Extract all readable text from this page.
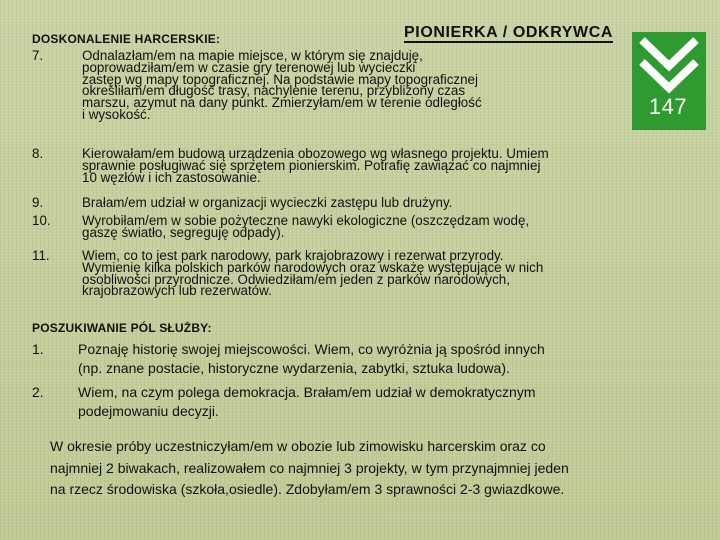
DOSKONALENIE HARCERSKIE:	PIONIERKA / ODKRYWCA
147
7.	Odnalazłam/em na mapie miejsce, w którym się znajduję,
poprowadziłam/em w czasie gry terenowej lub wycieczki
zastęp wg mapy topograficznej. Na podstawie mapy topograficznej
określiłam/em długość trasy, nachylenie terenu, przybliżony czas
marszu, azymut na dany punkt. Zmierzyłam/em w terenie odległość
i wysokość.
8.	Kierowałam/em budową urządzenia obozowego wg własnego projektu. Umiem
sprawnie posługiwać się sprzętem pionierskim. Potrafię zawiązać co najmniej
10 węzłów i ich zastosowanie.
9.	Brałam/em udział w organizacji wycieczki zastępu lub drużyny.
10. Wyrobiłam/em w sobie pożyteczne nawyki ekologiczne (oszczędzam wodę,
gaszę światło, segreguję odpady).
11. Wiem, co to jest park narodowy, park krajobrazowy i rezerwat przyrody.
Wymienię kilka polskich parków narodowych oraz wskażę występujące w nich
osobliwości przyrodnicze. Odwiedziłam/em jeden z parków narodowych,
krajobrazowych lub rezerwatów.
POSZUKIWANIE PÓL SŁUŻBY:
1. Poznaję historię swojej miejscowości. Wiem, co wyróżnia ją spośród innych
(np. znane postacie, historyczne wydarzenia, zabytki, sztuka ludowa).
2. Wiem, na czym polega demokracja. Brałam/em udział w demokratycznym
podejmowaniu decyzji.
W okresie próby uczestniczyłam/em w obozie lub zimowisku harcerskim oraz co
najmniej 2 biwakach, realizowałem co najmniej 3 projekty, w tym przynajmniej jeden
na rzecz środowiska (szkoła,osiedle). Zdobyłam/em 3 sprawności 2-3 gwiazdkowe.
